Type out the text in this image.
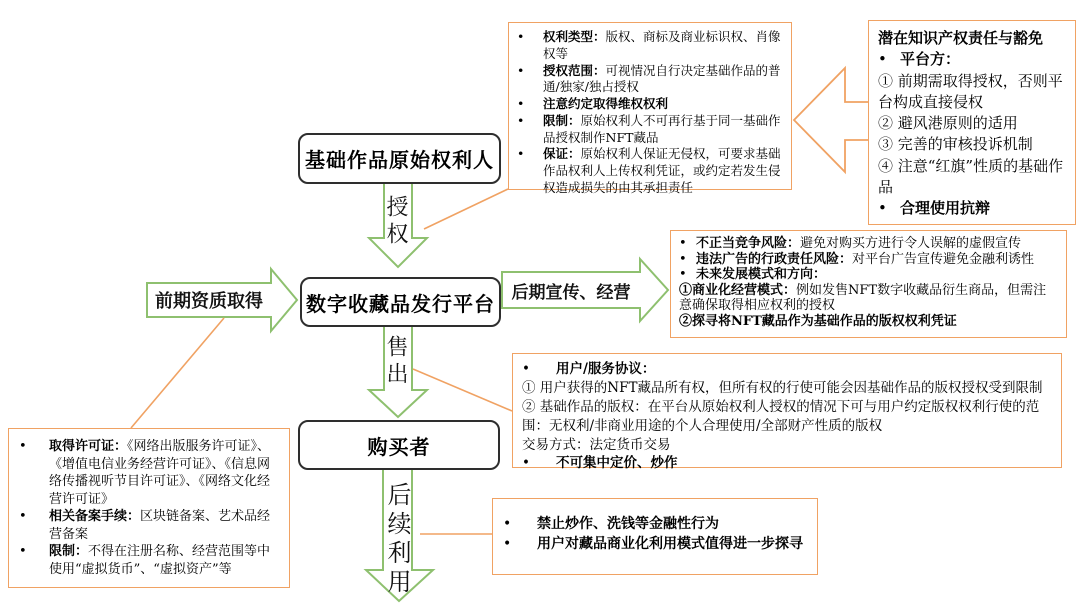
基础作品原始权利人
数字收藏品发行平台
购买者
授权
售出
后续利用
前期资质取得	后期宣传、经营
•	权利类型：版权、商标及商业标识权、肖像权等
•	授权范围：可视情况自行决定基础作品的普通/独家/独占授权
•	注意约定取得维权权利
•	限制：原始权利人不可再行基于同一基础作品授权制作NFT藏品
•	保证：原始权利人保证无侵权，可要求基础作品权利人上传权利凭证，或约定若发生侵权造成损失的由其承担责任
潜在知识产权责任与豁免
• 平台方：
① 前期需取得授权，否则平台构成直接侵权
② 避风港原则的适用
③ 完善的审核投诉机制
④ 注意“红旗”性质的基础作品
• 合理使用抗辩
• 不正当竞争风险：避免对购买方进行令人误解的虚假宣传
• 违法广告的行政责任风险：对平台广告宣传避免金融利诱性
• 未来发展模式和方向：
①商业化经营模式：例如发售NFT数字收藏品衍生商品，但需注意确保取得相应权利的授权
②探寻将NFT藏品作为基础作品的版权权利凭证
•	用户/服务协议：
① 用户获得的NFT藏品所有权，但所有权的行使可能会因基础作品的版权授权受到限制
② 基础作品的版权：在平台从原始权利人授权的情况下可与用户约定版权权利行使的范围：无权利/非商业用途的个人合理使用/全部财产性质的版权
交易方式：法定货币交易
•	不可集中定价、炒作
•	取得许可证：《网络出版服务许可证》、《增值电信业务经营许可证》、《信息网络传播视听节目许可证》、《网络文化经营许可证》
•	相关备案手续：区块链备案、艺术品经营备案
•	限制：不得在注册名称、经营范围等中使用“虚拟货币”、“虚拟资产”等
•	禁止炒作、洗钱等金融性行为
•	用户对藏品商业化利用模式值得进一步探寻
